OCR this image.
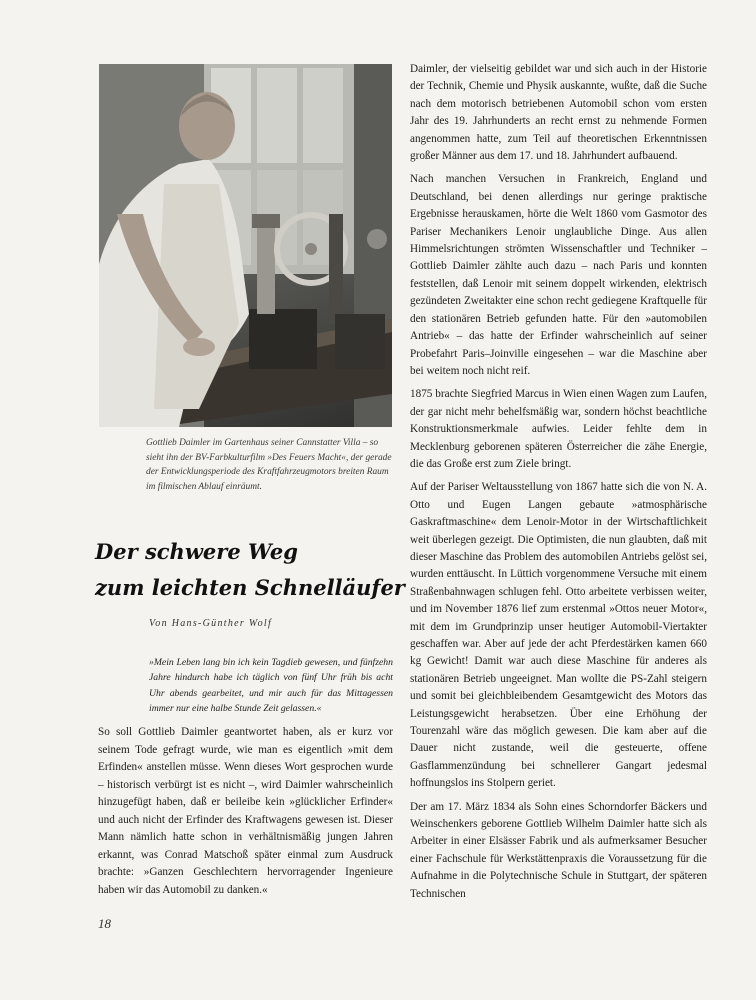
Gottlieb Daimler im Gartenhaus seiner Cannstatter Villa – so sieht ihn der BV-Farbkulturfilm »Des Feuers Macht«, der gerade der Entwicklungsperiode des Kraftfahrzeugmotors breiten Raum im filmischen Ablauf einräumt.

Der schwere Weg
zum leichten Schnelläufer
Von Hans-Günther Wolf

»Mein Leben lang bin ich kein Tagdieb gewesen, und fünfzehn Jahre hindurch habe ich täglich von fünf Uhr früh bis acht Uhr abends gearbeitet, und mir auch für das Mittagessen immer nur eine halbe Stunde Zeit gelassen.«

So soll Gottlieb Daimler geantwortet haben, als er kurz vor seinem Tode gefragt wurde, wie man es eigentlich »mit dem Erfinden« anstellen müsse. Wenn dieses Wort gesprochen wurde – historisch verbürgt ist es nicht –, wird Daimler wahrscheinlich hinzugefügt haben, daß er beileibe kein »glücklicher Erfinder« und auch nicht der Erfinder des Kraftwagens gewesen ist. Dieser Mann nämlich hatte schon in verhältnismäßig jungen Jahren erkannt, was Conrad Matschoß später einmal zum Ausdruck brachte: »Ganzen Geschlechtern hervorragender Ingenieure haben wir das Automobil zu danken.«

Daimler, der vielseitig gebildet war und sich auch in der Historie der Technik, Chemie und Physik auskannte, wußte, daß die Suche nach dem motorisch betriebenen Automobil schon vom ersten Jahr des 19. Jahrhunderts an recht ernst zu nehmende Formen angenommen hatte, zum Teil auf theoretischen Erkenntnissen großer Männer aus dem 17. und 18. Jahrhundert aufbauend.

Nach manchen Versuchen in Frankreich, England und Deutschland, bei denen allerdings nur geringe praktische Ergebnisse herauskamen, hörte die Welt 1860 vom Gasmotor des Pariser Mechanikers Lenoir unglaubliche Dinge. Aus allen Himmelsrichtungen strömten Wissenschaftler und Techniker – Gottlieb Daimler zählte auch dazu – nach Paris und konnten feststellen, daß Lenoir mit seinem doppelt wirkenden, elektrisch gezündeten Zweitakter eine schon recht gediegene Kraftquelle für den stationären Betrieb gefunden hatte. Für den »automobilen Antrieb« – das hatte der Erfinder wahrscheinlich auf seiner Probefahrt Paris–Joinville eingesehen – war die Maschine aber bei weitem noch nicht reif.

1875 brachte Siegfried Marcus in Wien einen Wagen zum Laufen, der gar nicht mehr behelfsmäßig war, sondern höchst beachtliche Konstruktionsmerkmale aufwies. Leider fehlte dem in Mecklenburg geborenen späteren Österreicher die zähe Energie, die das Große erst zum Ziele bringt.

Auf der Pariser Weltausstellung von 1867 hatte sich die von N. A. Otto und Eugen Langen gebaute »atmosphärische Gaskraftmaschine« dem Lenoir-Motor in der Wirtschaftlichkeit weit überlegen gezeigt. Die Optimisten, die nun glaubten, daß mit dieser Maschine das Problem des automobilen Antriebs gelöst sei, wurden enttäuscht. In Lüttich vorgenommene Versuche mit einem Straßenbahnwagen schlugen fehl. Otto arbeitete verbissen weiter, und im November 1876 lief zum erstenmal »Ottos neuer Motor«, mit dem im Grundprinzip unser heutiger Automobil-Viertakter geschaffen war. Aber auf jede der acht Pferdestärken kamen 660 kg Gewicht! Damit war auch diese Maschine für anderes als stationären Betrieb ungeeignet. Man wollte die PS-Zahl steigern und somit bei gleichbleibendem Gesamtgewicht des Motors das Leistungsgewicht herabsetzen. Über eine Erhöhung der Tourenzahl wäre das möglich gewesen. Die kam aber auf die Dauer nicht zustande, weil die gesteuerte, offene Gasflammenzündung bei schnellerer Gangart jedesmal hoffnungslos ins Stolpern geriet.

Der am 17. März 1834 als Sohn eines Schorndorfer Bäckers und Weinschenkers geborene Gottlieb Wilhelm Daimler hatte sich als Arbeiter in einer Elsässer Fabrik und als aufmerksamer Besucher einer Fachschule für Werkstättenpraxis die Voraussetzung für die Aufnahme in die Polytechnische Schule in Stuttgart, der späteren Technischen

18
